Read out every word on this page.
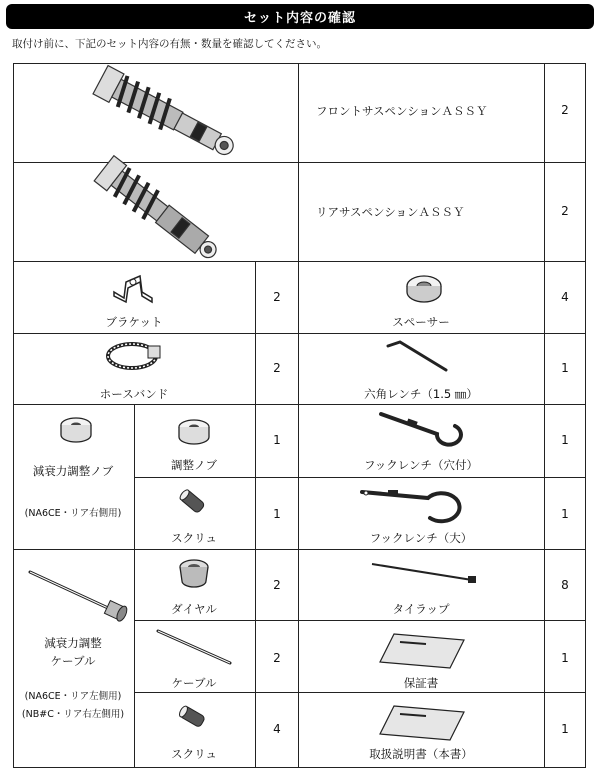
セット内容の確認
取付け前に、下記のセット内容の有無・数量を確認してください。
フロントサスペンションＡＳＳＹ	2
リアサスペンションＡＳＳＹ	2
ブラケット
2
スペーサー
4
ホースバンド
2
六角レンチ（1.5 ㎜）
1
減衰力調整ノブ
(NA6CE・リア右側用)
調整ノブ
1
フックレンチ（穴付）
1
スクリュ
1
フックレンチ（大）
1
減衰力調整
ケーブル
(NA6CE・リア左側用)
(NB#C・リア右左側用)
ダイヤル
2
タイラップ
8
ケーブル
2
保証書
1
スクリュ
4
取扱説明書（本書）
1
